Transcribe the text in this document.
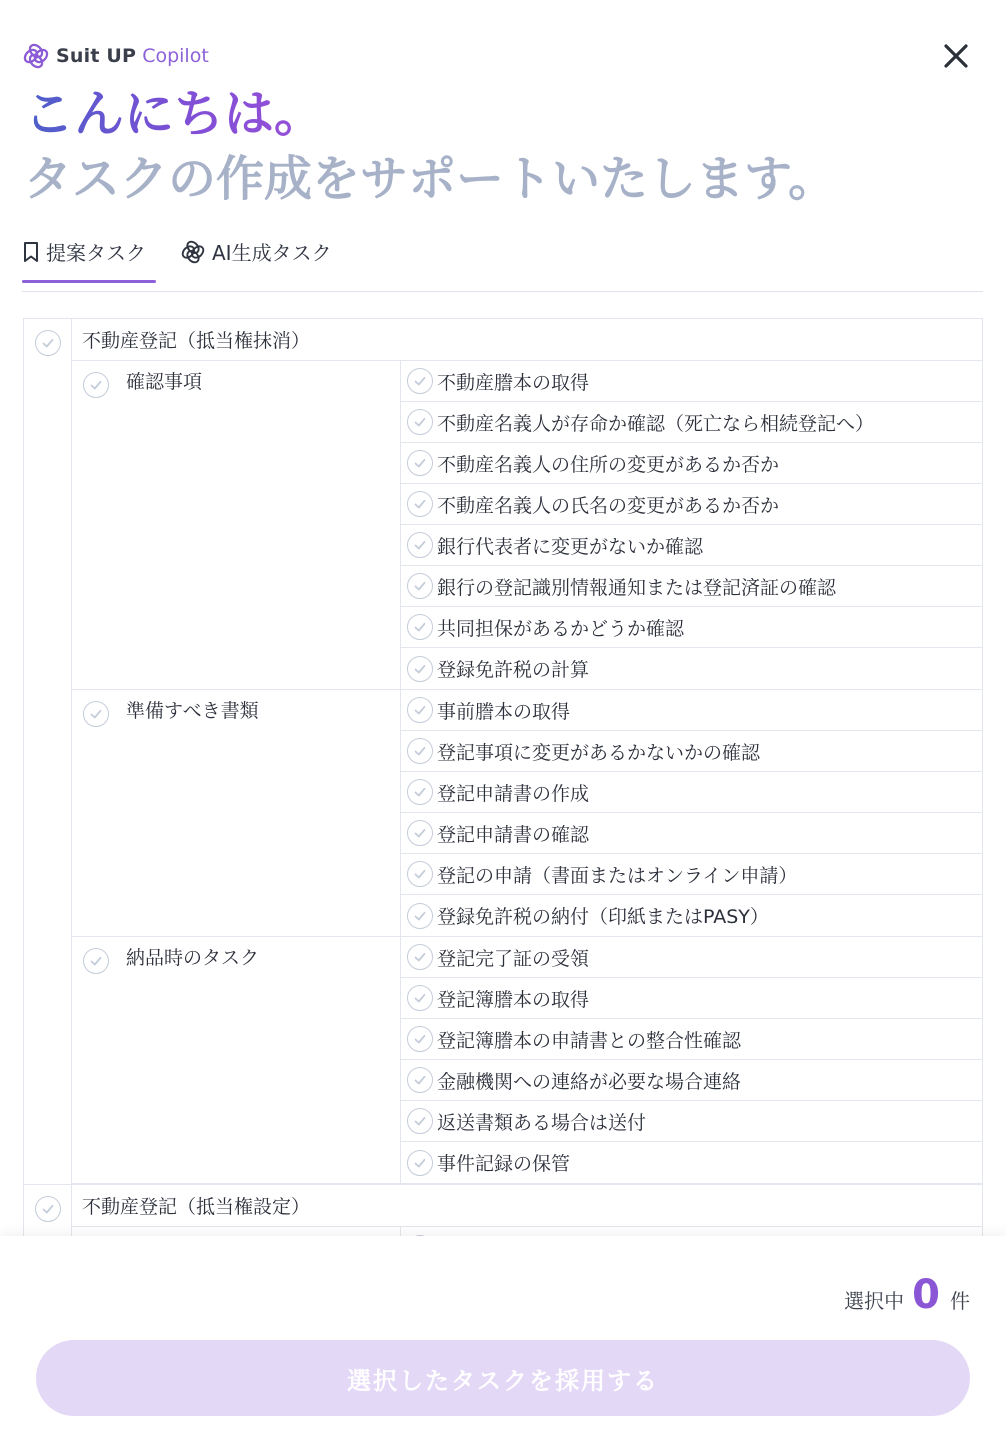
Suit UP Copilot
こんにちは。
タスクの作成をサポートいたします。
提案タスク	AI生成タスク
不動産登記（抵当権抹消）
確認事項	不動産謄本の取得
不動産名義人が存命か確認（死亡なら相続登記へ）
不動産名義人の住所の変更があるか否か
不動産名義人の氏名の変更があるか否か
銀行代表者に変更がないか確認
銀行の登記識別情報通知または登記済証の確認
共同担保があるかどうか確認
登録免許税の計算
準備すべき書類	事前謄本の取得
登記事項に変更があるかないかの確認
登記申請書の作成
登記申請書の確認
登記の申請（書面またはオンライン申請）
登録免許税の納付（印紙またはPASY）
納品時のタスク	登記完了証の受領
登記簿謄本の取得
登記簿謄本の申請書との整合性確認
金融機関への連絡が必要な場合連絡
返送書類ある場合は送付
事件記録の保管
不動産登記（抵当権設定）
選択中 0 件
選択したタスクを採用する
